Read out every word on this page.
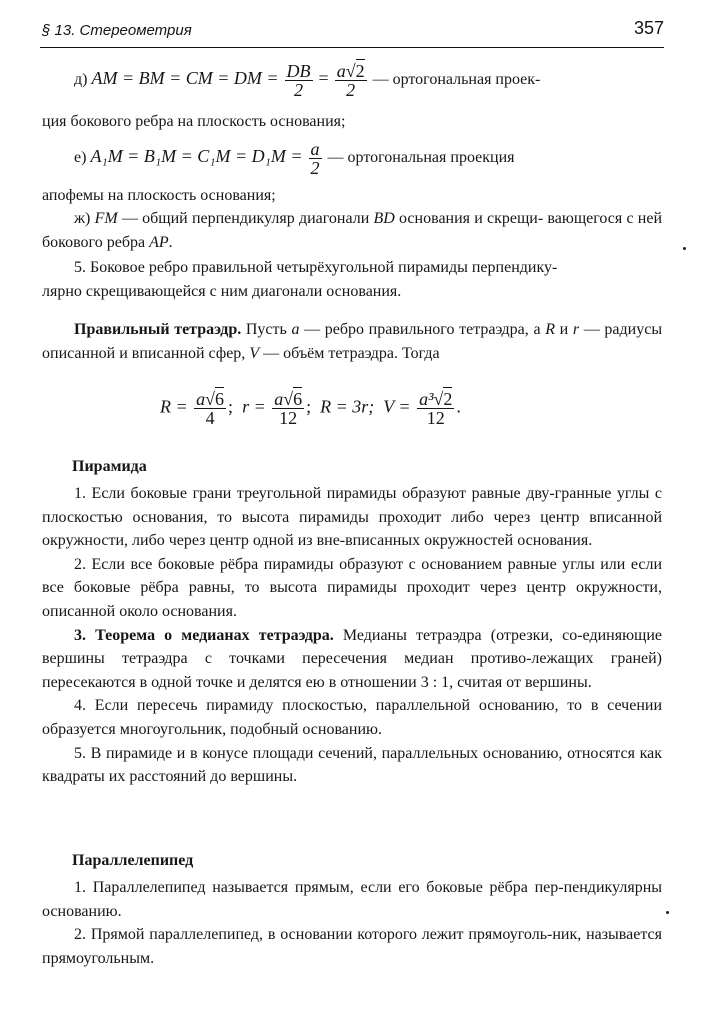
§ 13. Стереометрия	357
д) AM = BM = CM = DM = $\frac{DB}{2} = \frac{a√2}{2}$ — ортогональная проек-
ция бокового ребра на плоскость основания;
е) $A_1M = B_1M = C_1M = D_1M = \frac{a}{2}$ — ортогональная проекция
апофемы на плоскость основания;
ж) FM — общий перпендикуляр диагонали BD основания и скрещи- вающегося с ней бокового ребра AP.

5. Боковое ребро правильной четырёхугольной пирамиды перпендику-

лярно скрещивающейся с ним диагонали основания.

Правильный тетраэдр. Пусть a — ребро правильного тетраэдра, а R и r — радиусы описанной и вписанной сфер, V — объём тетраэдра. Тогда
$R = \frac{a√6}{4}$ ; $r = \frac{a√6}{12}$ ; R = 3r; $V = \frac{\text{a³√2}}{12}$ .
Пирамида

1. Если боковые грани треугольной пирамиды образуют равные дву-гранные углы с плоскостью основания, то высота пирамиды проходит либо через центр вписанной окружности, либо через центр одной из вне-вписанных окружностей основания.

2. Если все боковые рёбра пирамиды образуют с основанием равные углы или если все боковые рёбра равны, то высота пирамиды проходит через центр окружности, описанной около основания.

3. Теорема о медианах тетраэдра. Медианы тетраэдра (отрезки, со-единяющие вершины тетраэдра с точками пересечения медиан противо-лежащих граней) пересекаются в одной точке и делятся ею в отношении 3 : 1, считая от вершины.

4. Если пересечь пирамиду плоскостью, параллельной основанию, то в сечении образуется многоугольник, подобный основанию.

5. В пирамиде и в конусе площади сечений, параллельных основанию, относятся как квадраты их расстояний до вершины.

Параллелепипед

1. Параллелепипед называется прямым, если его боковые рёбра пер-пендикулярны основанию.

2. Прямой параллелепипед, в основании которого лежит прямоуголь-ник, называется прямоугольным.
